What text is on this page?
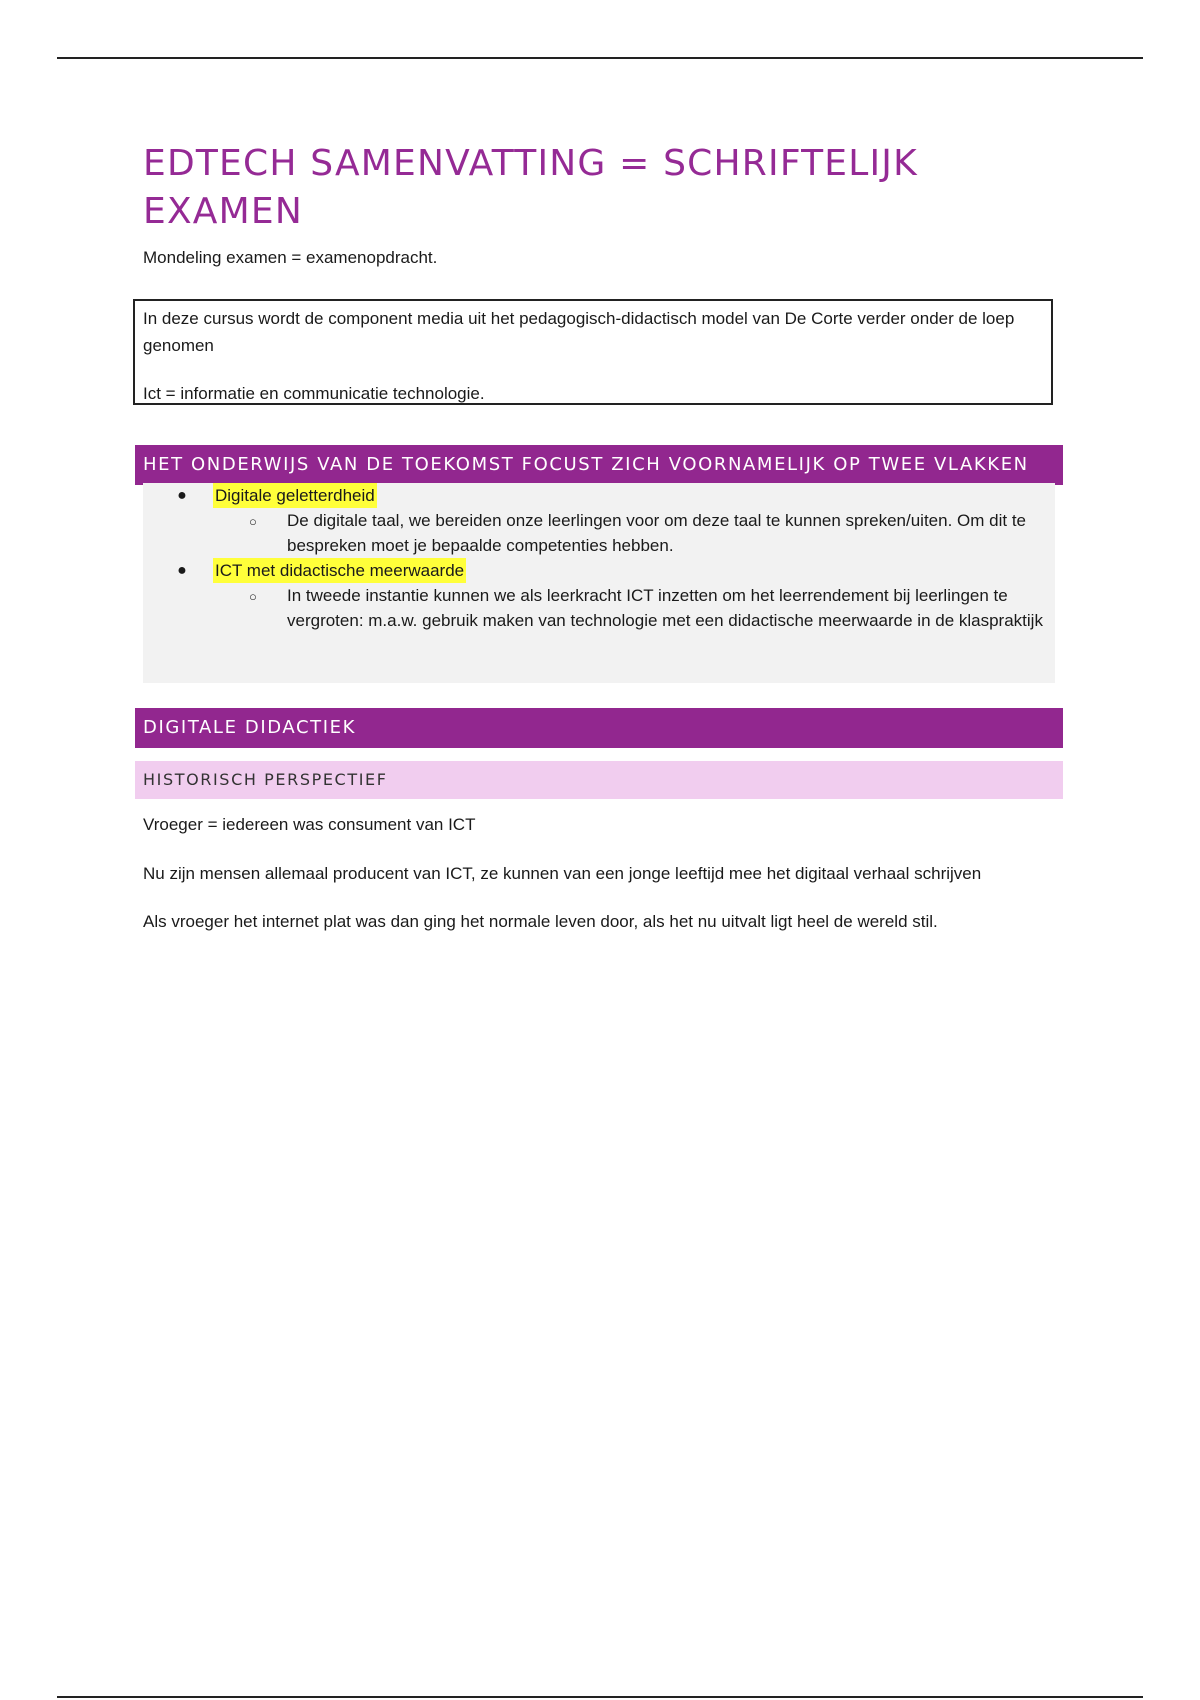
EDTECH SAMENVATTING = SCHRIFTELIJK EXAMEN
Mondeling examen = examenopdracht.

In deze cursus wordt de component media uit het pedagogisch-didactisch model van De Corte verder onder de loep genomen

Ict = informatie en communicatie technologie.

HET ONDERWIJS VAN DE TOEKOMST FOCUST ZICH VOORNAMELIJK OP TWEE VLAKKEN
● Digitale geletterdheid
○ De digitale taal, we bereiden onze leerlingen voor om deze taal te kunnen spreken/uiten. Om dit te bespreken moet je bepaalde competenties hebben.
● ICT met didactische meerwaarde
○ In tweede instantie kunnen we als leerkracht ICT inzetten om het leerrendement bij leerlingen te
vergroten: m.a.w. gebruik maken van technologie met een didactische meerwaarde in de klaspraktijk
DIGITALE DIDACTIEK
HISTORISCH PERSPECTIEF

Vroeger = iedereen was consument van ICT

Nu zijn mensen allemaal producent van ICT, ze kunnen van een jonge leeftijd mee het digitaal verhaal schrijven

Als vroeger het internet plat was dan ging het normale leven door, als het nu uitvalt ligt heel de wereld stil.
